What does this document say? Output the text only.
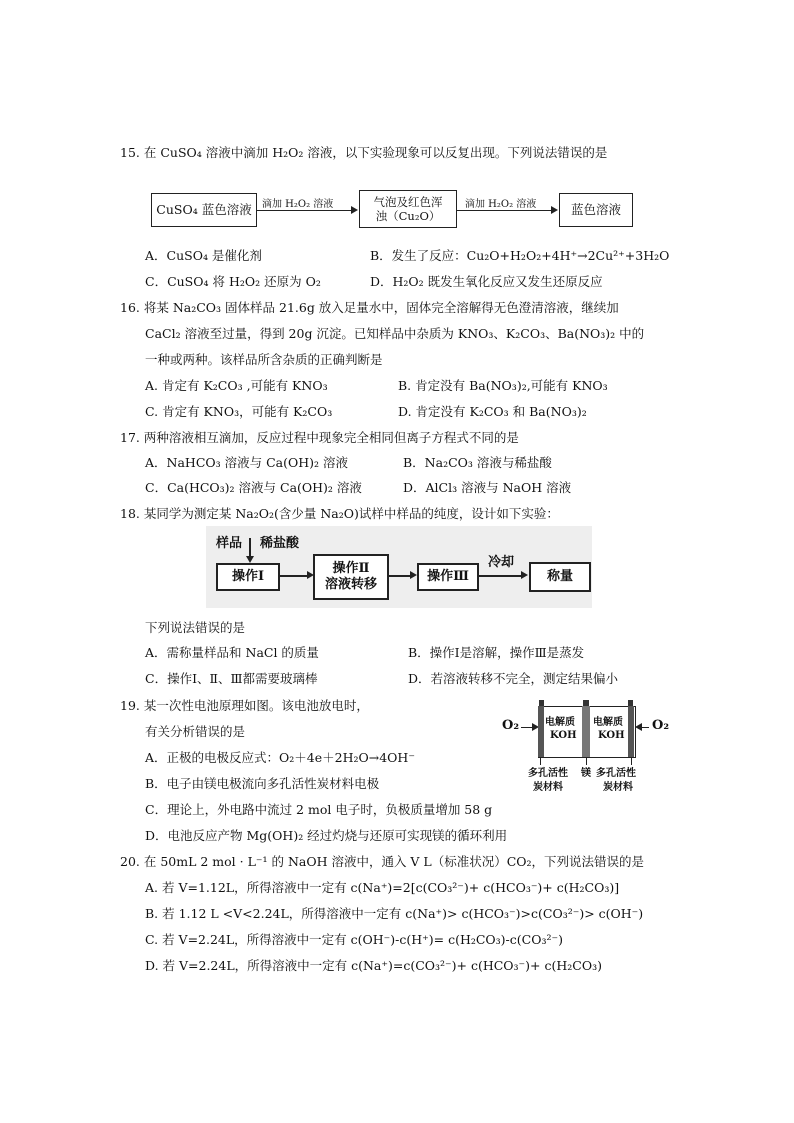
15. 在 CuSO₄ 溶液中滴加 H₂O₂ 溶液，以下实验现象可以反复出现。下列说法错误的是
CuSO₄ 蓝色溶液	滴加 H₂O₂ 溶液	气泡及红色浑
浊（Cu₂O）
滴加 H₂O₂ 溶液	蓝色溶液
A．CuSO₄ 是催化剂	B．发生了反应：Cu₂O+H₂O₂+4H⁺→2Cu²⁺+3H₂O
C．CuSO₄ 将 H₂O₂ 还原为 O₂	D．H₂O₂ 既发生氧化反应又发生还原反应
16. 将某 Na₂CO₃ 固体样品 21.6g 放入足量水中，固体完全溶解得无色澄清溶液，继续加
CaCl₂ 溶液至过量，得到 20g 沉淀。已知样品中杂质为 KNO₃、K₂CO₃、Ba(NO₃)₂ 中的
一种或两种。该样品所含杂质的正确判断是
A. 肯定有 K₂CO₃ ,可能有 KNO₃	B. 肯定没有 Ba(NO₃)₂,可能有 KNO₃
C. 肯定有 KNO₃，可能有 K₂CO₃	D. 肯定没有 K₂CO₃ 和 Ba(NO₃)₂
17. 两种溶液相互滴加，反应过程中现象完全相同但离子方程式不同的是
A．NaHCO₃ 溶液与 Ca(OH)₂ 溶液	B．Na₂CO₃ 溶液与稀盐酸
C．Ca(HCO₃)₂ 溶液与 Ca(OH)₂ 溶液	D．AlCl₃ 溶液与 NaOH 溶液
18. 某同学为测定某 Na₂O₂(含少量 Na₂O)试样中样品的纯度，设计如下实验：
样品 稀盐酸
操作Ⅰ
操作Ⅱ
溶液转移
操作Ⅲ
冷却
称量
下列说法错误的是
A．需称量样品和 NaCl 的质量	B．操作Ⅰ是溶解，操作Ⅲ是蒸发
C．操作Ⅰ、Ⅱ、Ⅲ都需要玻璃棒	D．若溶液转移不完全，测定结果偏小
19. 某一次性电池原理如图。该电池放电时，
有关分析错误的是
A．正极的电极反应式：O₂＋4e＋2H₂O→4OH⁻
B．电子由镁电极流向多孔活性炭材料电极
C．理论上，外电路中流过 2 mol 电子时，负极质量增加 58 g
D．电池反应产物 Mg(OH)₂ 经过灼烧与还原可实现镁的循环利用
O₂	电解质
KOH
电解质
KOH
O₂
多孔活性
炭材料
镁 多孔活性
炭材料
20. 在 50mL 2 mol · L⁻¹ 的 NaOH 溶液中，通入 V L（标准状况）CO₂，下列说法错误的是
A. 若 V=1.12L，所得溶液中一定有 c(Na⁺)=2[c(CO₃²⁻)+ c(HCO₃⁻)+ c(H₂CO₃)]
B. 若 1.12 L <V<2.24L，所得溶液中一定有 c(Na⁺)> c(HCO₃⁻)>c(CO₃²⁻)> c(OH⁻)
C. 若 V=2.24L，所得溶液中一定有 c(OH⁻)-c(H⁺)= c(H₂CO₃)-c(CO₃²⁻)
D. 若 V=2.24L，所得溶液中一定有 c(Na⁺)=c(CO₃²⁻)+ c(HCO₃⁻)+ c(H₂CO₃)
